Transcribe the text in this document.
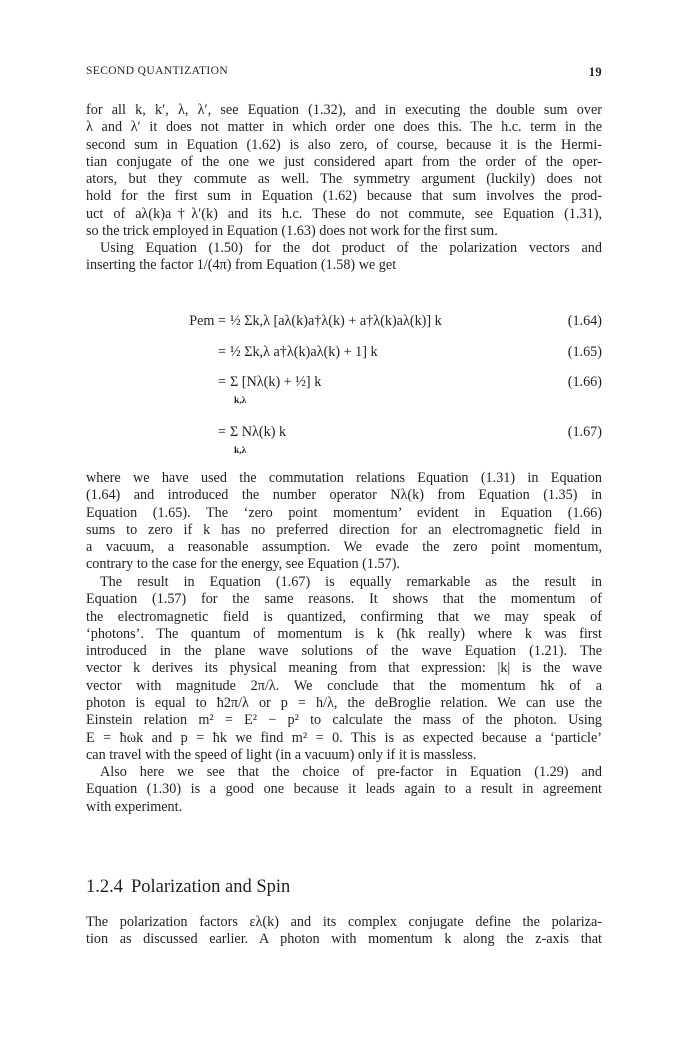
SECOND QUANTIZATION	19
for all k, k′, λ, λ′, see Equation (1.32), and in executing the double sum over
λ and λ′ it does not matter in which order one does this. The h.c. term in the
second sum in Equation (1.62) is also zero, of course, because it is the Hermi-
tian conjugate of the one we just considered apart from the order of the oper-
ators, but they commute as well. The symmetry argument (luckily) does not
hold for the first sum in Equation (1.62) because that sum involves the prod-
uct of aλ(k)a†λ′(k) and its h.c. These do not commute, see Equation (1.31),
so the trick employed in Equation (1.63) does not work for the first sum.
Using Equation (1.50) for the dot product of the polarization vectors and
inserting the factor 1/(4π) from Equation (1.58) we get
Pem = ½ Σk,λ [aλ(k)a†λ(k) + a†λ(k)aλ(k)] k	(1.64)
= ½ Σk,λ a†λ(k)aλ(k) + 1] k	(1.65)
= Σ [Nλ(k) + ½] k
k,λ
(1.66)
= Σ Nλ(k) k
k,λ
(1.67)
where we have used the commutation relations Equation (1.31) in Equation
(1.64) and introduced the number operator Nλ(k) from Equation (1.35) in
Equation (1.65). The ‘zero point momentum’ evident in Equation (1.66)
sums to zero if k has no preferred direction for an electromagnetic field in
a vacuum, a reasonable assumption. We evade the zero point momentum,
contrary to the case for the energy, see Equation (1.57).
The result in Equation (1.67) is equally remarkable as the result in
Equation (1.57) for the same reasons. It shows that the momentum of
the electromagnetic field is quantized, confirming that we may speak of
‘photons’. The quantum of momentum is k (ħk really) where k was first
introduced in the plane wave solutions of the wave Equation (1.21). The
vector k derives its physical meaning from that expression: |k| is the wave
vector with magnitude 2π/λ. We conclude that the momentum ħk of a
photon is equal to ħ2π/λ or p = h/λ, the deBroglie relation. We can use the
Einstein relation m² = E² − p² to calculate the mass of the photon. Using
E = ħωk and p = ħk we find m² = 0. This is as expected because a ‘particle’
can travel with the speed of light (in a vacuum) only if it is massless.
Also here we see that the choice of pre-factor in Equation (1.29) and
Equation (1.30) is a good one because it leads again to a result in agreement
with experiment.
1.2.4 Polarization and Spin
The polarization factors ελ(k) and its complex conjugate define the polariza-
tion as discussed earlier. A photon with momentum k along the z-axis that
